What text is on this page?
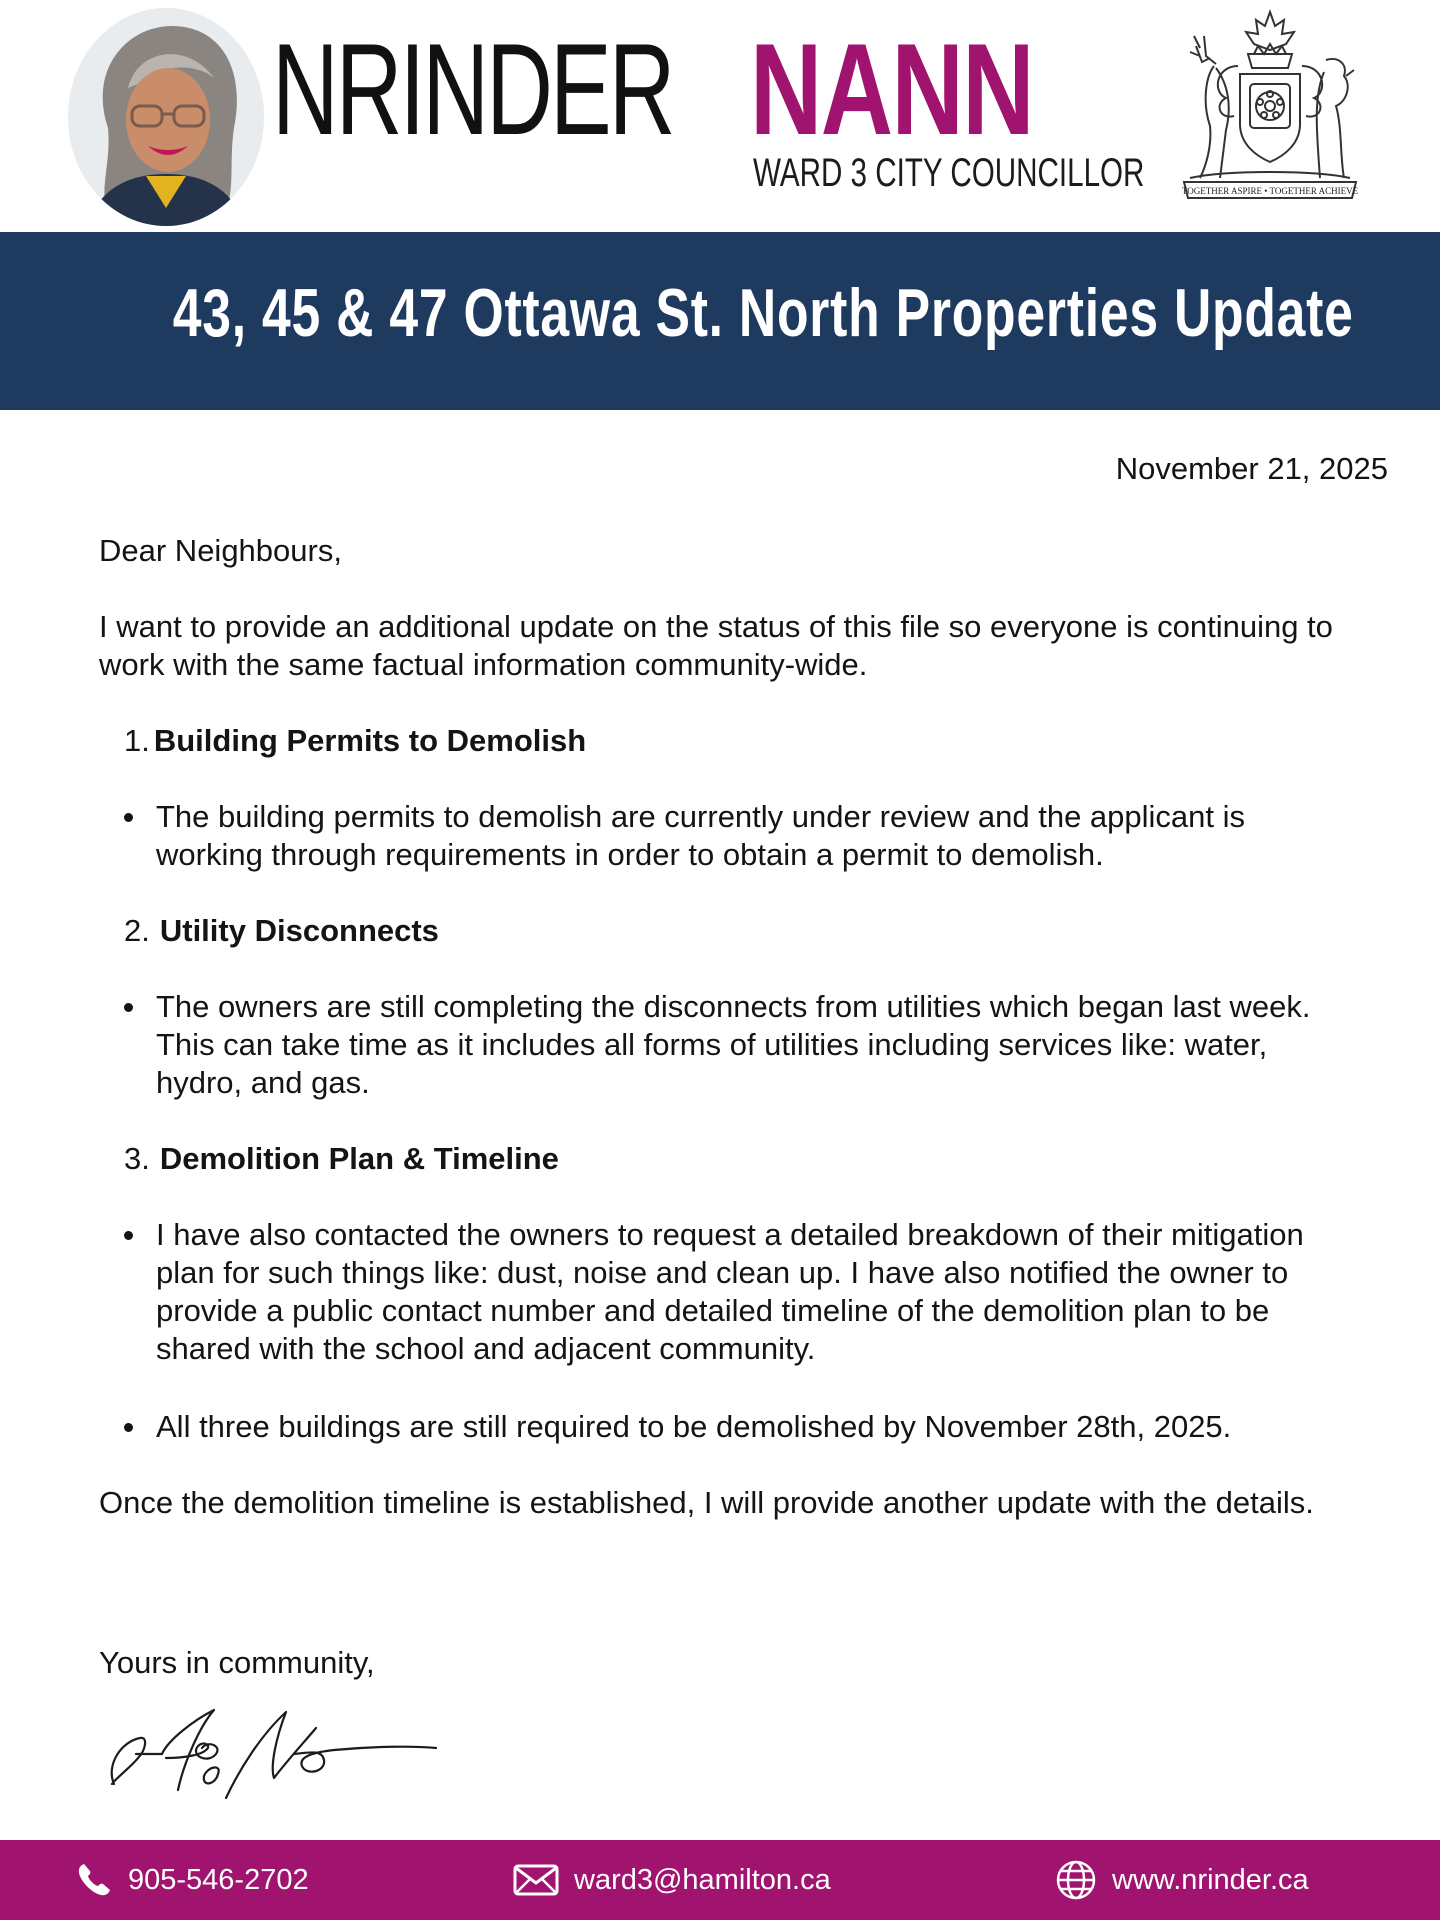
NRINDER NANN
WARD 3 CITY COUNCILLOR	TOGETHER ASPIRE • TOGETHER ACHIEVE
43, 45 & 47 Ottawa St. North Properties Update
November 21, 2025

Dear Neighbours,

I want to provide an additional update on the status of this file so everyone is continuing to work with the same factual information community-wide.

1. Building Permits to Demolish
The building permits to demolish are currently under review and the applicant is working through requirements in order to obtain a permit to demolish.
2. Utility Disconnects
The owners are still completing the disconnects from utilities which began last week. This can take time as it includes all forms of utilities including services like: water, hydro, and gas.
3. Demolition Plan & Timeline
I have also contacted the owners to request a detailed breakdown of their mitigation plan for such things like: dust, noise and clean up. I have also notified the owner to provide a public contact number and detailed timeline of the demolition plan to be shared with the school and adjacent community.
All three buildings are still required to be demolished by November 28th, 2025.

Once the demolition timeline is established, I will provide another update with the details.

Yours in community,

905-546-2702	ward3@hamilton.ca	www.nrinder.ca
